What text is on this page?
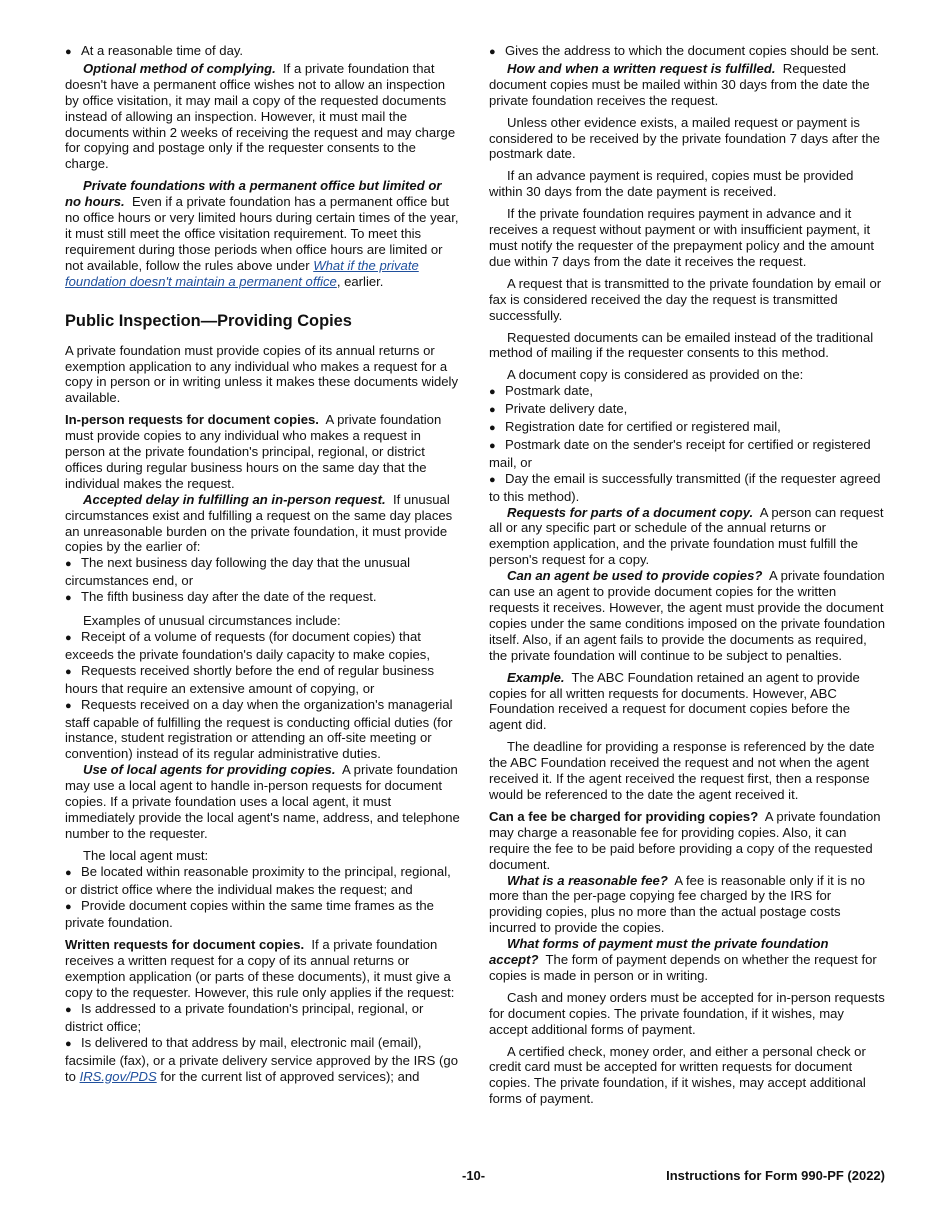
● At a reasonable time of day.

Optional method of complying. If a private foundation that doesn't have a permanent office wishes not to allow an inspection by office visitation, it may mail a copy of the requested documents instead of allowing an inspection. However, it must mail the documents within 2 weeks of receiving the request and may charge for copying and postage only if the requester consents to the charge.

Private foundations with a permanent office but limited or no hours. Even if a private foundation has a permanent office but no office hours or very limited hours during certain times of the year, it must still meet the office visitation requirement. To meet this requirement during those periods when office hours are limited or not available, follow the rules above under What if the private foundation doesn't maintain a permanent office, earlier.

Public Inspection—Providing Copies

A private foundation must provide copies of its annual returns or exemption application to any individual who makes a request for a copy in person or in writing unless it makes these documents widely available.

In-person requests for document copies. A private foundation must provide copies to any individual who makes a request in person at the private foundation's principal, regional, or district offices during regular business hours on the same day that the individual makes the request.

Accepted delay in fulfilling an in-person request. If unusual circumstances exist and fulfilling a request on the same day places an unreasonable burden on the private foundation, it must provide copies by the earlier of:

● The next business day following the day that the unusual circumstances end, or

● The fifth business day after the date of the request.

Examples of unusual circumstances include:

● Receipt of a volume of requests (for document copies) that exceeds the private foundation's daily capacity to make copies,

● Requests received shortly before the end of regular business hours that require an extensive amount of copying, or

● Requests received on a day when the organization's managerial staff capable of fulfilling the request is conducting official duties (for instance, student registration or attending an off-site meeting or convention) instead of its regular administrative duties.

Use of local agents for providing copies. A private foundation may use a local agent to handle in-person requests for document copies. If a private foundation uses a local agent, it must immediately provide the local agent's name, address, and telephone number to the requester.

The local agent must:

● Be located within reasonable proximity to the principal, regional, or district office where the individual makes the request; and

● Provide document copies within the same time frames as the private foundation.

Written requests for document copies. If a private foundation receives a written request for a copy of its annual returns or exemption application (or parts of these documents), it must give a copy to the requester. However, this rule only applies if the request:

● Is addressed to a private foundation's principal, regional, or district office;

● Is delivered to that address by mail, electronic mail (email), facsimile (fax), or a private delivery service approved by the IRS (go to IRS.gov/PDS for the current list of approved services); and

● Gives the address to which the document copies should be sent.

How and when a written request is fulfilled. Requested document copies must be mailed within 30 days from the date the private foundation receives the request.

Unless other evidence exists, a mailed request or payment is considered to be received by the private foundation 7 days after the postmark date.

If an advance payment is required, copies must be provided within 30 days from the date payment is received.

If the private foundation requires payment in advance and it receives a request without payment or with insufficient payment, it must notify the requester of the prepayment policy and the amount due within 7 days from the date it receives the request.

A request that is transmitted to the private foundation by email or fax is considered received the day the request is transmitted successfully.

Requested documents can be emailed instead of the traditional method of mailing if the requester consents to this method.

A document copy is considered as provided on the:

● Postmark date,

● Private delivery date,

● Registration date for certified or registered mail,

● Postmark date on the sender's receipt for certified or registered mail, or

● Day the email is successfully transmitted (if the requester agreed to this method).

Requests for parts of a document copy. A person can request all or any specific part or schedule of the annual returns or exemption application, and the private foundation must fulfill the person's request for a copy.

Can an agent be used to provide copies? A private foundation can use an agent to provide document copies for the written requests it receives. However, the agent must provide the document copies under the same conditions imposed on the private foundation itself. Also, if an agent fails to provide the documents as required, the private foundation will continue to be subject to penalties.

Example. The ABC Foundation retained an agent to provide copies for all written requests for documents. However, ABC Foundation received a request for document copies before the agent did.

The deadline for providing a response is referenced by the date the ABC Foundation received the request and not when the agent received it. If the agent received the request first, then a response would be referenced to the date the agent received it.

Can a fee be charged for providing copies? A private foundation may charge a reasonable fee for providing copies. Also, it can require the fee to be paid before providing a copy of the requested document.

What is a reasonable fee? A fee is reasonable only if it is no more than the per-page copying fee charged by the IRS for providing copies, plus no more than the actual postage costs incurred to provide the copies.

What forms of payment must the private foundation accept? The form of payment depends on whether the request for copies is made in person or in writing.

Cash and money orders must be accepted for in-person requests for document copies. The private foundation, if it wishes, may accept additional forms of payment.

A certified check, money order, and either a personal check or credit card must be accepted for written requests for document copies. The private foundation, if it wishes, may accept additional forms of payment.

-10-	Instructions for Form 990-PF (2022)
